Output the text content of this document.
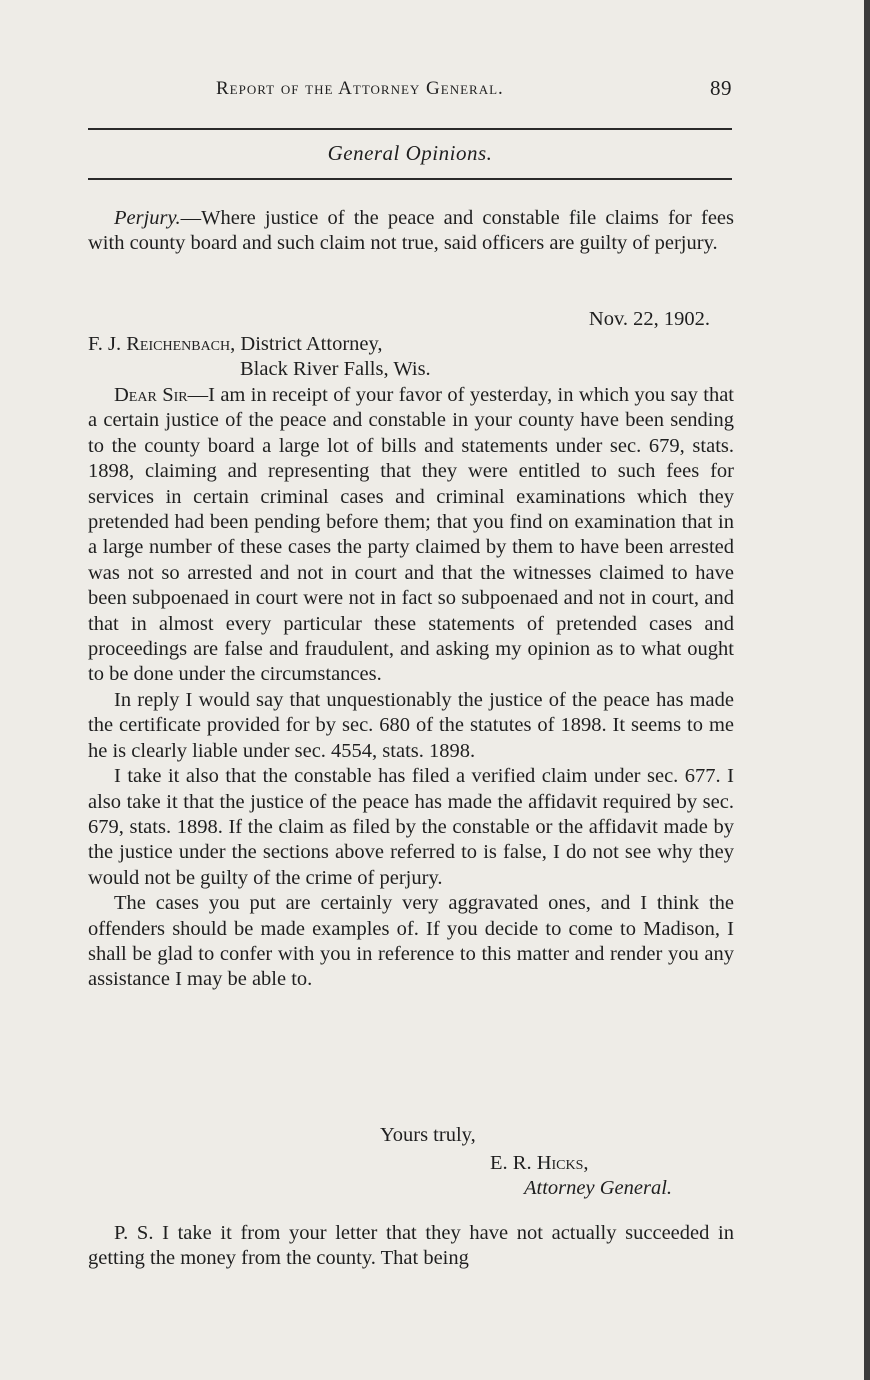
Report of the Attorney General.	89
General Opinions.

Perjury.—Where justice of the peace and constable file claims for fees with county board and such claim not true, said officers are guilty of perjury.

Nov. 22, 1902.
F. J. Reichenbach, District Attorney,
Black River Falls, Wis.

Dear Sir—I am in receipt of your favor of yesterday, in which you say that a certain justice of the peace and constable in your county have been sending to the county board a large lot of bills and statements under sec. 679, stats. 1898, claiming and representing that they were entitled to such fees for services in certain criminal cases and criminal examinations which they pretended had been pending before them; that you find on examination that in a large number of these cases the party claimed by them to have been arrested was not so arrested and not in court and that the witnesses claimed to have been subpoenaed in court were not in fact so subpoenaed and not in court, and that in almost every particular these statements of pretended cases and proceedings are false and fraudulent, and asking my opinion as to what ought to be done under the circumstances.

In reply I would say that unquestionably the justice of the peace has made the certificate provided for by sec. 680 of the statutes of 1898. It seems to me he is clearly liable under sec. 4554, stats. 1898.

I take it also that the constable has filed a verified claim under sec. 677. I also take it that the justice of the peace has made the affidavit required by sec. 679, stats. 1898. If the claim as filed by the constable or the affidavit made by the justice under the sections above referred to is false, I do not see why they would not be guilty of the crime of perjury.

The cases you put are certainly very aggravated ones, and I think the offenders should be made examples of. If you decide to come to Madison, I shall be glad to confer with you in reference to this matter and render you any assistance I may be able to.

Yours truly,
E. R. Hicks,
Attorney General.

P. S. I take it from your letter that they have not actually succeeded in getting the money from the county. That being
